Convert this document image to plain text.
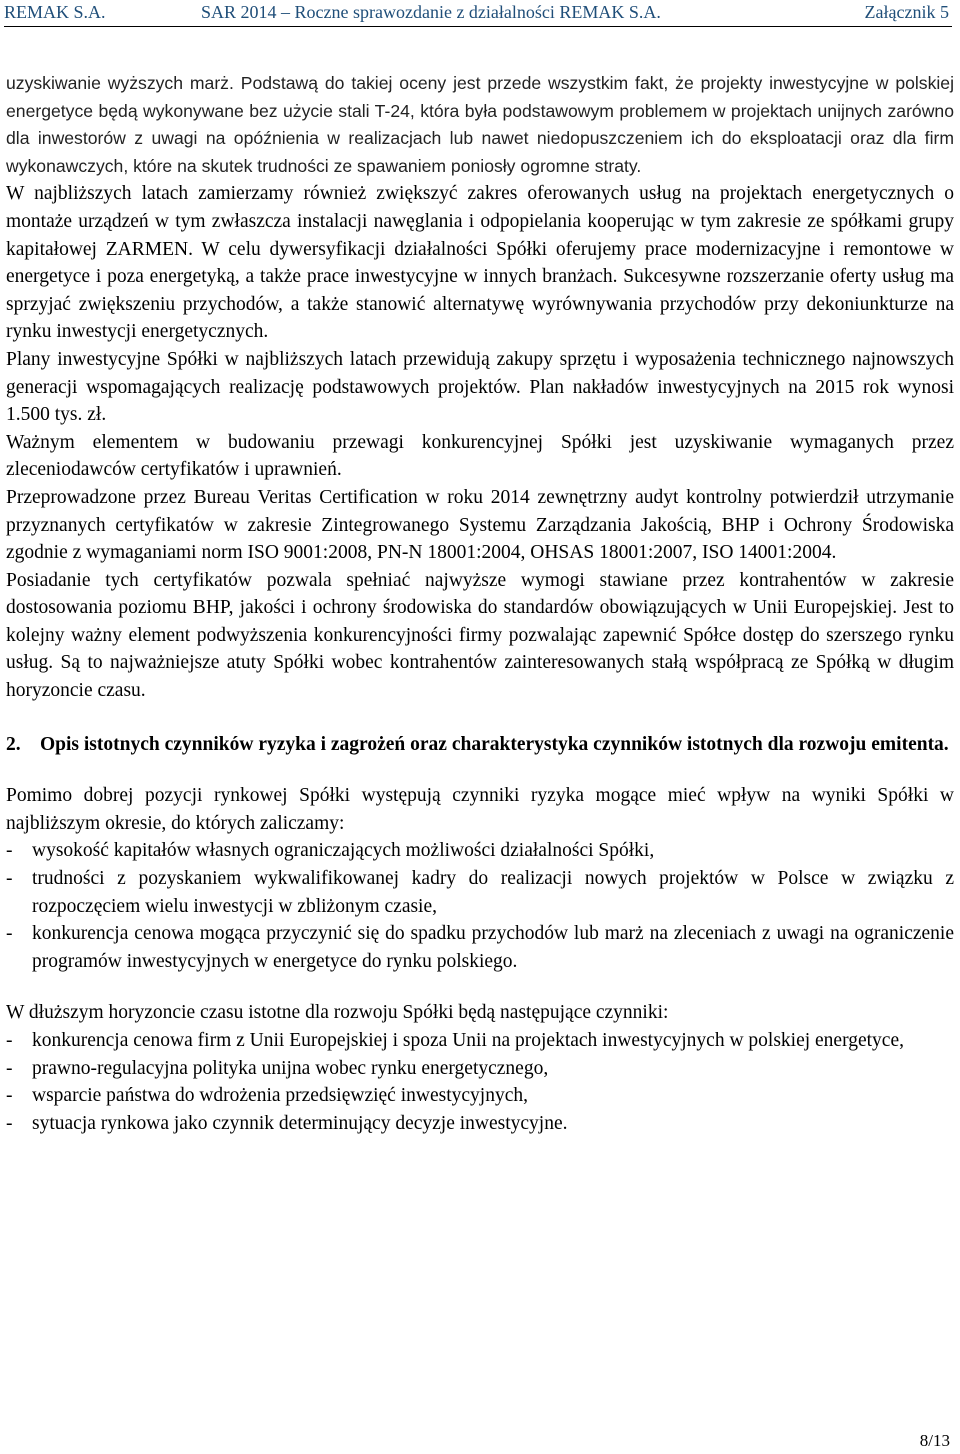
REMAK S.A.	SAR 2014 – Roczne sprawozdanie z działalności REMAK S.A.	Załącznik 5

uzyskiwanie wyższych marż. Podstawą do takiej oceny jest przede wszystkim fakt, że projekty inwestycyjne w polskiej energetyce będą wykonywane bez użycie stali T-24, która była podstawowym problemem w projektach unijnych zarówno dla inwestorów z uwagi na opóźnienia w realizacjach lub nawet niedopuszczeniem ich do eksploatacji oraz dla firm wykonawczych, które na skutek trudności ze spawaniem poniosły ogromne straty.

W najbliższych latach zamierzamy również zwiększyć zakres oferowanych usług na projektach energetycznych o montaże urządzeń w tym zwłaszcza instalacji nawęglania i odpopielania kooperując w tym zakresie ze spółkami grupy kapitałowej ZARMEN. W celu dywersyfikacji działalności Spółki oferujemy prace modernizacyjne i remontowe w energetyce i poza energetyką, a także prace inwestycyjne w innych branżach. Sukcesywne rozszerzanie oferty usług ma sprzyjać zwiększeniu przychodów, a także stanowić alternatywę wyrównywania przychodów przy dekoniunkturze na rynku inwestycji energetycznych.

Plany inwestycyjne Spółki w najbliższych latach przewidują zakupy sprzętu i wyposażenia technicznego najnowszych generacji wspomagających realizację podstawowych projektów. Plan nakładów inwestycyjnych na 2015 rok wynosi 1.500 tys. zł.

Ważnym elementem w budowaniu przewagi konkurencyjnej Spółki jest uzyskiwanie wymaganych przez zleceniodawców certyfikatów i uprawnień.

Przeprowadzone przez Bureau Veritas Certification w roku 2014 zewnętrzny audyt kontrolny potwierdził utrzymanie przyznanych certyfikatów w zakresie Zintegrowanego Systemu Zarządzania Jakością, BHP i Ochrony Środowiska zgodnie z wymaganiami norm ISO 9001:2008, PN-N 18001:2004, OHSAS 18001:2007, ISO 14001:2004.

Posiadanie tych certyfikatów pozwala spełniać najwyższe wymogi stawiane przez kontrahentów w zakresie dostosowania poziomu BHP, jakości i ochrony środowiska do standardów obowiązujących w Unii Europejskiej. Jest to kolejny ważny element podwyższenia konkurencyjności firmy pozwalając zapewnić Spółce dostęp do szerszego rynku usług. Są to najważniejsze atuty Spółki wobec kontrahentów zainteresowanych stałą współpracą ze Spółką w długim horyzoncie czasu.

2. Opis istotnych czynników ryzyka i zagrożeń oraz charakterystyka czynników istotnych dla rozwoju emitenta.

Pomimo dobrej pozycji rynkowej Spółki występują czynniki ryzyka mogące mieć wpływ na wyniki Spółki w najbliższym okresie, do których zaliczamy:

-	wysokość kapitałów własnych ograniczających możliwości działalności Spółki,
-	trudności z pozyskaniem wykwalifikowanej kadry do realizacji nowych projektów w Polsce w związku z rozpoczęciem wielu inwestycji w zbliżonym czasie,
-	konkurencja cenowa mogąca przyczynić się do spadku przychodów lub marż na zleceniach z uwagi na ograniczenie programów inwestycyjnych w energetyce do rynku polskiego.

W dłuższym horyzoncie czasu istotne dla rozwoju Spółki będą następujące czynniki:

-	konkurencja cenowa firm z Unii Europejskiej i spoza Unii na projektach inwestycyjnych w polskiej energetyce,
-	prawno-regulacyjna polityka unijna wobec rynku energetycznego,
-	wsparcie państwa do wdrożenia przedsięwzięć inwestycyjnych,
-	sytuacja rynkowa jako czynnik determinujący decyzje inwestycyjne.
8/13
